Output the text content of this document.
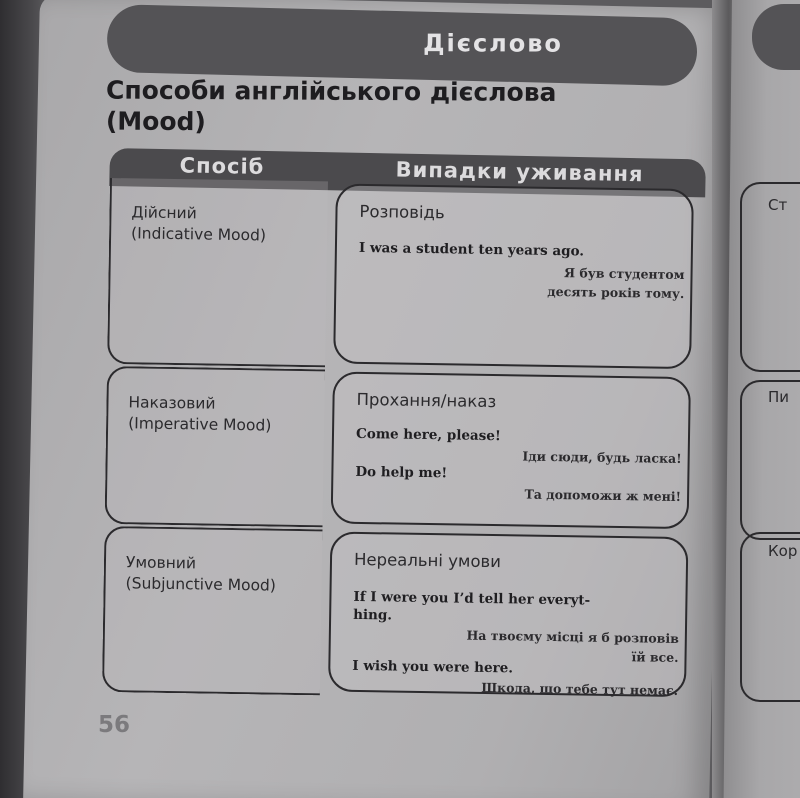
Дієслово
Способи англійського дієслова
(Mood)
Спосіб	Випадки уживання
Дійсний
(Indicative Mood)
Розповідь
I was a student ten years ago.
Я був студентом
десять років тому.
Наказовий
(Imperative Mood)
Прохання/наказ
Come here, please!
Іди сюди, будь ласка!
Do help me!
Та допоможи ж мені!
Умовний
(Subjunctive Mood)
Нереальні умови
If I were you I’d tell her everyt-
hing.
На твоєму місці я б розповів
їй все.
I wish you were here.
Шкода, що тебе тут немає.
56
Ст
Пи
Кор
